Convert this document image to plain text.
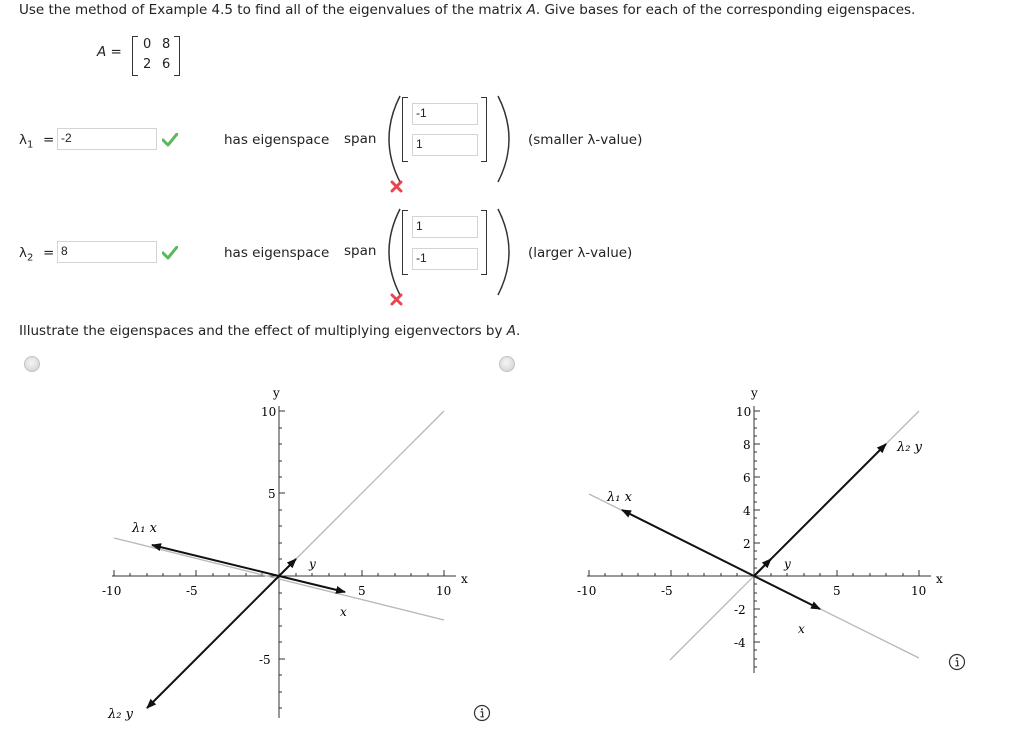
Use the method of Example 4.5 to find all of the eigenvalues of the matrix A. Give bases for each of the corresponding eigenspaces.
A = 0 8
2 6
$\lambda_1 = -2$	has eigenspace span
-1
1	(smaller λ-value)
$\lambda_2 = 8$	has eigenspace span
1
-1	(larger λ-value)
Illustrate the eigenspaces and the effect of multiplying eigenvectors by A.
y
x
-10	-5	5	10
10
5
-5
λ₁ x
λ₂ y
y
x
y
x
-10	-5	5	10
10
8
6
4
2
-2
-4
λ₁ x
λ₂ y
y
x
